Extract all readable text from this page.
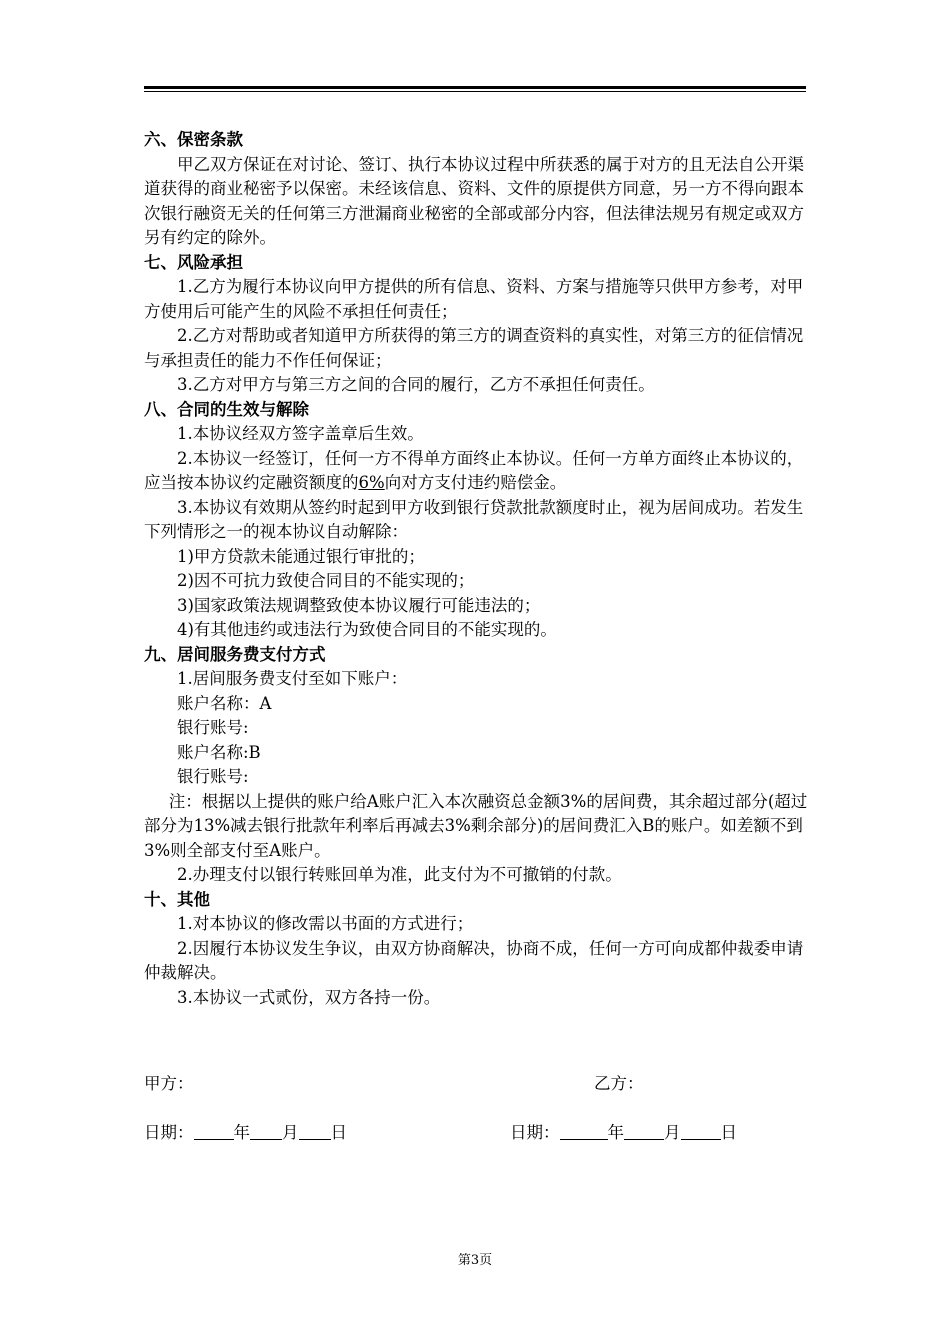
六、保密条款

甲乙双方保证在对讨论、签订、执行本协议过程中所获悉的属于对方的且无法自公开渠道获得的商业秘密予以保密。未经该信息、资料、文件的原提供方同意，另一方不得向跟本次银行融资无关的任何第三方泄漏商业秘密的全部或部分内容，但法律法规另有规定或双方另有约定的除外。

七、风险承担

1.乙方为履行本协议向甲方提供的所有信息、资料、方案与措施等只供甲方参考，对甲方使用后可能产生的风险不承担任何责任；

2.乙方对帮助或者知道甲方所获得的第三方的调查资料的真实性，对第三方的征信情况与承担责任的能力不作任何保证；

3.乙方对甲方与第三方之间的合同的履行，乙方不承担任何责任。

八、合同的生效与解除

1.本协议经双方签字盖章后生效。

2.本协议一经签订，任何一方不得单方面终止本协议。任何一方单方面终止本协议的，应当按本协议约定融资额度的6%向对方支付违约赔偿金。

3.本协议有效期从签约时起到甲方收到银行贷款批款额度时止，视为居间成功。若发生下列情形之一的视本协议自动解除：

1)甲方贷款未能通过银行审批的；

2)因不可抗力致使合同目的不能实现的；

3)国家政策法规调整致使本协议履行可能违法的；

4)有其他违约或违法行为致使合同目的不能实现的。

九、居间服务费支付方式

1.居间服务费支付至如下账户：

账户名称：A

银行账号:

账户名称:B

银行账号:

注：根据以上提供的账户给A账户汇入本次融资总金额3%的居间费，其余超过部分(超过部分为13%减去银行批款年利率后再减去3%剩余部分)的居间费汇入B的账户。如差额不到3%则全部支付至A账户。

2.办理支付以银行转账回单为准，此支付为不可撤销的付款。

十、其他

1.对本协议的修改需以书面的方式进行；

2.因履行本协议发生争议，由双方协商解决，协商不成，任何一方可向成都仲裁委申请仲裁解决。

3.本协议一式贰份，双方各持一份。

甲方：	乙方：
日期： 年 月 日	日期：	年 月 日
第3页
